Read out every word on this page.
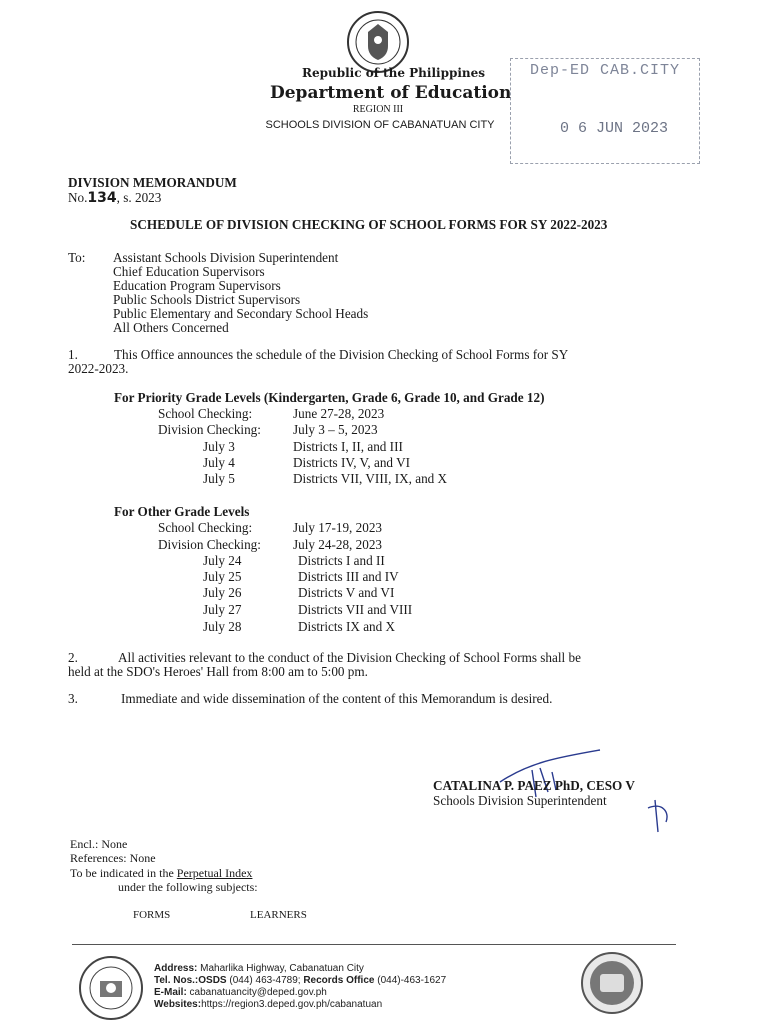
Republic of the Philippines
Department of Education
REGION III
SCHOOLS DIVISION OF CABANATUAN CITY
Dep-ED CAB.CITY
0 6 JUN 2023
DIVISION MEMORANDUM
No.134, s. 2023
SCHEDULE OF DIVISION CHECKING OF SCHOOL FORMS FOR SY 2022-2023
To: Assistant Schools Division Superintendent
Chief Education Supervisors
Education Program Supervisors
Public Schools District Supervisors
Public Elementary and Secondary School Heads
All Others Concerned
1.	This Office announces the schedule of the Division Checking of School Forms for SY
2022-2023.
For Priority Grade Levels (Kindergarten, Grade 6, Grade 10, and Grade 12)
School Checking:	June 27-28, 2023
Division Checking: July 3 – 5, 2023
July 3	Districts I, II, and III
July 4	Districts IV, V, and VI
July 5	Districts VII, VIII, IX, and X
For Other Grade Levels
School Checking:	July 17-19, 2023
Division Checking: July 24-28, 2023
July 24	Districts I and II
July 25	Districts III and IV
July 26	Districts V and VI
July 27	Districts VII and VIII
July 28	Districts IX and X
2.	All activities relevant to the conduct of the Division Checking of School Forms shall be
held at the SDO's Heroes' Hall from 8:00 am to 5:00 pm.
3.	Immediate and wide dissemination of the content of this Memorandum is desired.
CATALINA P. PAEZ PhD, CESO V
Schools Division Superintendent
Encl.: None
References: None
To be indicated in the Perpetual Index
under the following subjects:
FORMS	LEARNERS
Address: Maharlika Highway, Cabanatuan City
Tel. Nos.:OSDS (044) 463-4789; Records Office (044)-463-1627
E-Mail: cabanatuancity@deped.gov.ph
Websites:https://region3.deped.gov.ph/cabanatuan
